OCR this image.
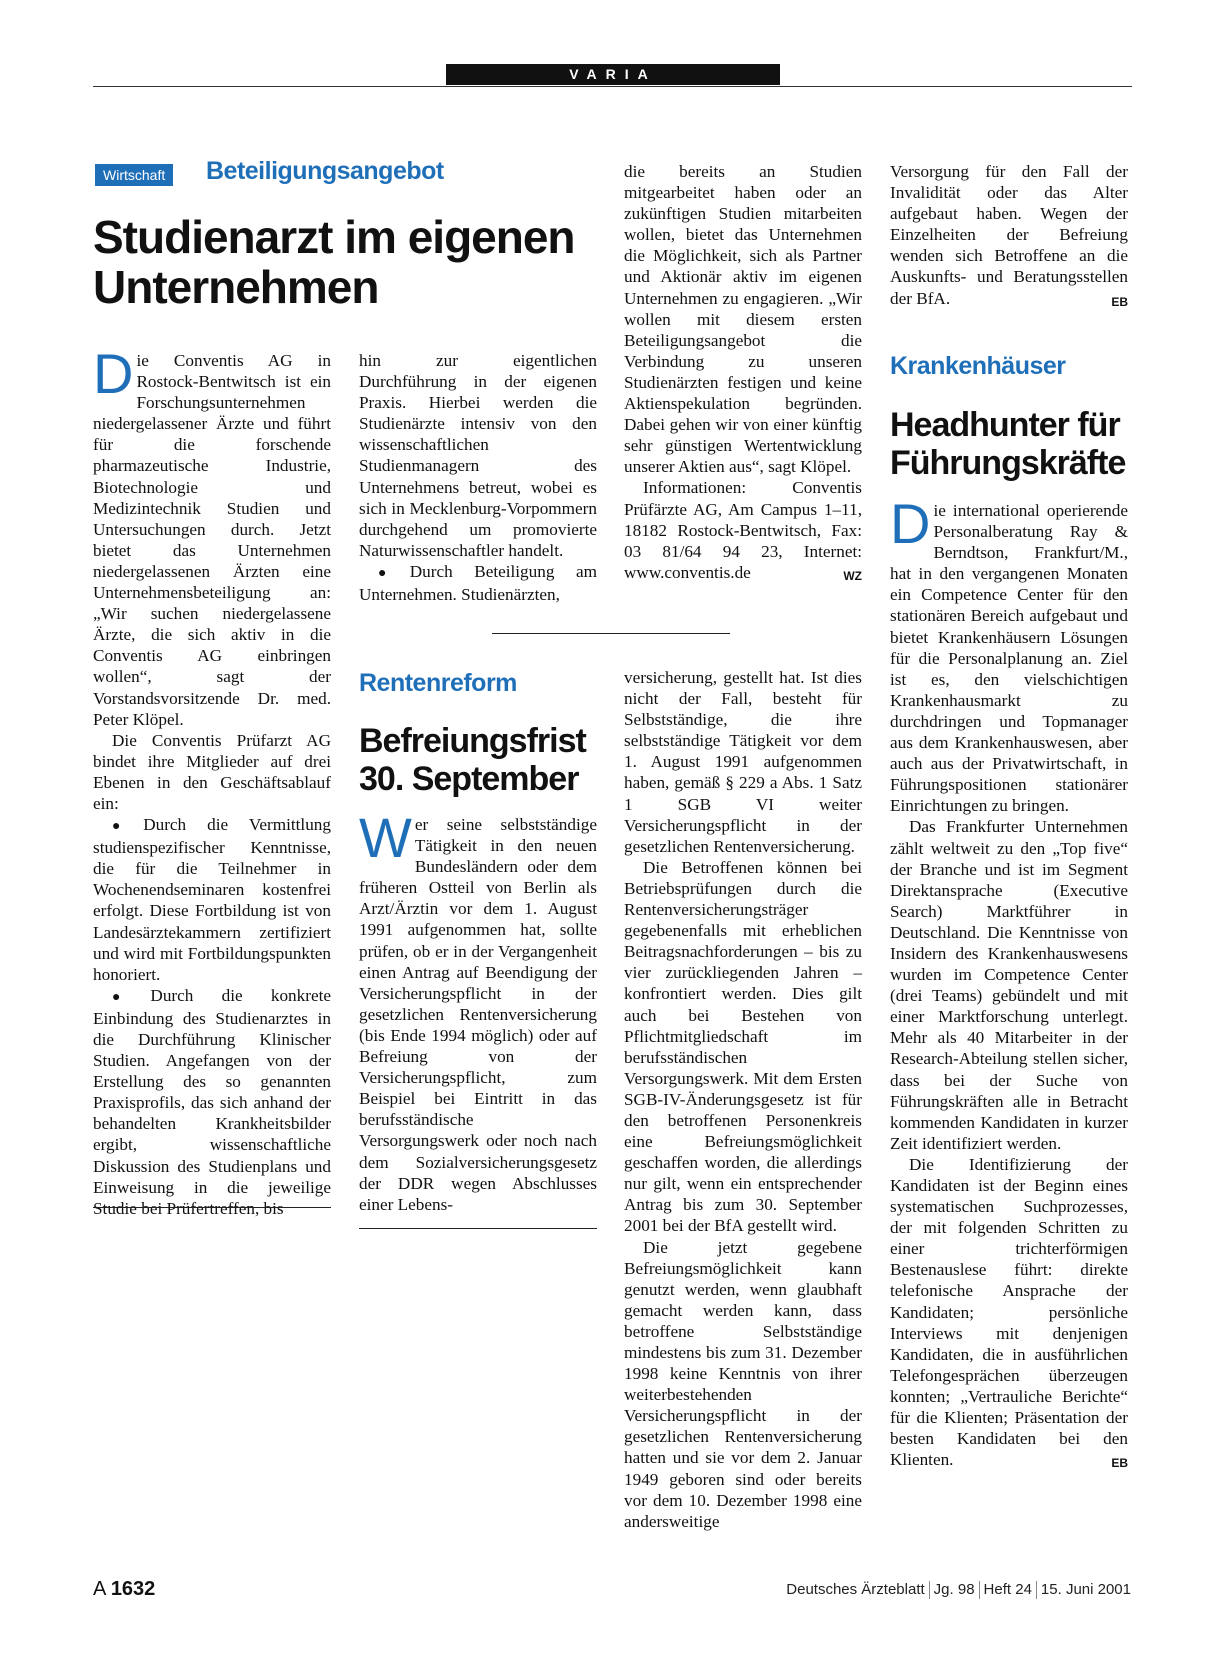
VARIA
Wirtschaft	Beteiligungsangebot
Studienarzt im eigenen
Unternehmen

Die Conventis AG in Rostock-Bentwitsch ist ein Forschungsunternehmen niedergelassener Ärzte und führt für die forschende pharmazeutische Industrie, Biotechnologie und Medizintechnik Studien und Untersuchungen durch. Jetzt bietet das Unternehmen niedergelassenen Ärzten eine Unternehmensbeteiligung an: „Wir suchen niedergelassene Ärzte, die sich aktiv in die Conventis AG einbringen wollen“, sagt der Vorstandsvorsitzende Dr. med. Peter Klöpel.

Die Conventis Prüfarzt AG bindet ihre Mitglieder auf drei Ebenen in den Geschäftsablauf ein:

● Durch die Vermittlung studienspezifischer Kenntnisse, die für die Teilnehmer in Wochenendseminaren kostenfrei erfolgt. Diese Fortbildung ist von Landesärztekammern zertifiziert und wird mit Fortbildungspunkten honoriert.

● Durch die konkrete Einbindung des Studienarztes in die Durchführung Klinischer Studien. Angefangen von der Erstellung des so genannten Praxisprofils, das sich anhand der behandelten Krankheitsbilder ergibt, wissenschaftliche Diskussion des Studienplans und Einweisung in die jeweilige Studie bei Prüfertreffen, bis

hin zur eigentlichen Durchführung in der eigenen Praxis. Hierbei werden die Studienärzte intensiv von den wissenschaftlichen Studienmanagern des Unternehmens betreut, wobei es sich in Mecklenburg-Vorpommern durchgehend um promovierte Naturwissenschaftler handelt.

● Durch Beteiligung am Unternehmen. Studienärzten,

die bereits an Studien mitgearbeitet haben oder an zukünftigen Studien mitarbeiten wollen, bietet das Unternehmen die Möglichkeit, sich als Partner und Aktionär aktiv im eigenen Unternehmen zu engagieren. „Wir wollen mit diesem ersten Beteiligungsangebot die Verbindung zu unseren Studienärzten festigen und keine Aktienspekulation begründen. Dabei gehen wir von einer künftig sehr günstigen Wertentwicklung unserer Aktien aus“, sagt Klöpel.

Informationen: Conventis Prüfärzte AG, Am Campus 1–11, 18182 Rostock-Bentwitsch, Fax: 03 81/64 94 23, Internet: www.conventis.de	WZ

Rentenreform
Befreiungsfrist
30. September

Wer seine selbstständige Tätigkeit in den neuen Bundesländern oder dem früheren Ostteil von Berlin als Arzt/Ärztin vor dem 1. August 1991 aufgenommen hat, sollte prüfen, ob er in der Vergangenheit einen Antrag auf Beendigung der Versicherungspflicht in der gesetzlichen Rentenversicherung (bis Ende 1994 möglich) oder auf Befreiung von der Versicherungspflicht, zum Beispiel bei Eintritt in das berufsständische Versorgungswerk oder noch nach dem Sozialversicherungsgesetz der DDR wegen Abschlusses einer Lebens-

versicherung, gestellt hat. Ist dies nicht der Fall, besteht für Selbstständige, die ihre selbstständige Tätigkeit vor dem 1. August 1991 aufgenommen haben, gemäß § 229 a Abs. 1 Satz 1 SGB VI weiter Versicherungspflicht in der gesetzlichen Rentenversicherung.

Die Betroffenen können bei Betriebsprüfungen durch die Rentenversicherungsträger gegebenenfalls mit erheblichen Beitragsnachforderungen – bis zu vier zurückliegenden Jahren – konfrontiert werden. Dies gilt auch bei Bestehen von Pflichtmitgliedschaft im berufsständischen Versorgungswerk. Mit dem Ersten SGB-IV-Änderungsgesetz ist für den betroffenen Personenkreis eine Befreiungsmöglichkeit geschaffen worden, die allerdings nur gilt, wenn ein entsprechender Antrag bis zum 30. September 2001 bei der BfA gestellt wird.

Die jetzt gegebene Befreiungsmöglichkeit kann genutzt werden, wenn glaubhaft gemacht werden kann, dass betroffene Selbstständige mindestens bis zum 31. Dezember 1998 keine Kenntnis von ihrer weiterbestehenden Versicherungspflicht in der gesetzlichen Rentenversicherung hatten und sie vor dem 2. Januar 1949 geboren sind oder bereits vor dem 10. Dezember 1998 eine andersweitige

Versorgung für den Fall der Invalidität oder das Alter aufgebaut haben. Wegen der Einzelheiten der Befreiung wenden sich Betroffene an die Auskunfts- und Beratungsstellen der BfA.	EB

Krankenhäuser
Headhunter für
Führungskräfte

Die international operierende Personalberatung Ray & Berndtson, Frankfurt/M., hat in den vergangenen Monaten ein Competence Center für den stationären Bereich aufgebaut und bietet Krankenhäusern Lösungen für die Personalplanung an. Ziel ist es, den vielschichtigen Krankenhausmarkt zu durchdringen und Topmanager aus dem Krankenhauswesen, aber auch aus der Privatwirtschaft, in Führungspositionen stationärer Einrichtungen zu bringen.

Das Frankfurter Unternehmen zählt weltweit zu den „Top five“ der Branche und ist im Segment Direktansprache (Executive Search) Marktführer in Deutschland. Die Kenntnisse von Insidern des Krankenhauswesens wurden im Competence Center (drei Teams) gebündelt und mit einer Marktforschung unterlegt. Mehr als 40 Mitarbeiter in der Research-Abteilung stellen sicher, dass bei der Suche von Führungskräften alle in Betracht kommenden Kandidaten in kurzer Zeit identifiziert werden.

Die Identifizierung der Kandidaten ist der Beginn eines systematischen Suchprozesses, der mit folgenden Schritten zu einer trichterförmigen Bestenauslese führt: direkte telefonische Ansprache der Kandidaten; persönliche Interviews mit denjenigen Kandidaten, die in ausführlichen Telefongesprächen überzeugen konnten; „Vertrauliche Berichte“ für die Klienten; Präsentation der besten Kandidaten bei den Klienten.	EB

A 1632	Deutsches Ärzteblatt Jg. 98 Heft 24 15. Juni 2001
